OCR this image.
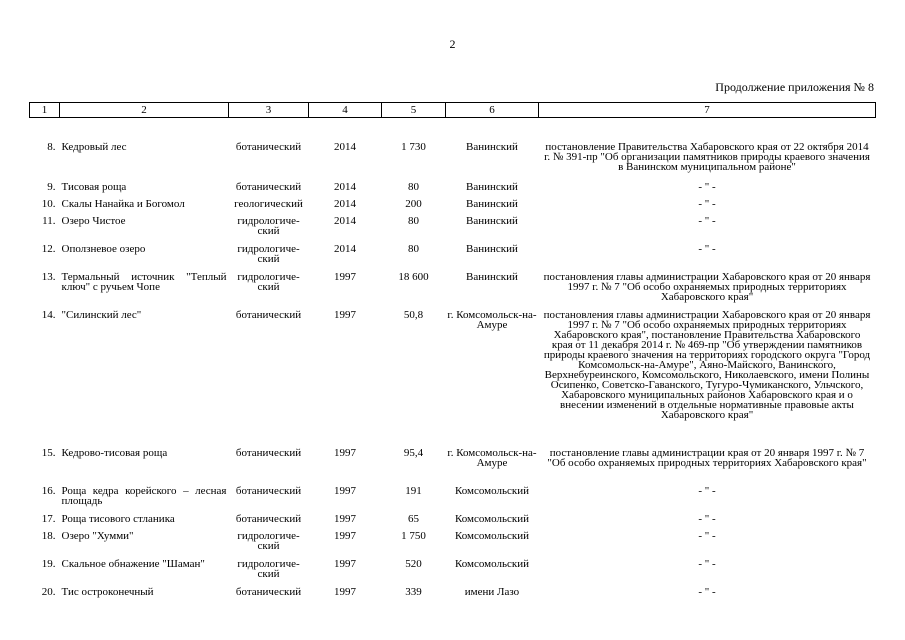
2
Продолжение приложения № 8
1	2	3	4	5	6	7

8.	Кедровый лес	ботанический	2014	1 730	Ванинский	постановление Правительства Хабаровского края от 22 октября 2014 г. № 391-пр "Об организации памятников природы краевого значения в Ванинском муниципальном районе"
9.	Тисовая роща	ботанический	2014	80	Ванинский	- " -
10.	Скалы Нанайка и Богомол	геологический	2014	200	Ванинский	- " -
11.	Озеро Чистое	гидрологиче-ский	2014	80	Ванинский	- " -
12.	Оползневое озеро	гидрологиче-ский	2014	80	Ванинский	- " -
13.	Термальный источник "Теплый ключ" с ручьем Чопе	гидрологиче-ский	1997	18 600	Ванинский	постановления главы администрации Хабаровского края от 20 января 1997 г. № 7 "Об особо охраняемых природных территориях Хабаровского края"
14.	"Силинский лес"	ботанический	1997	50,8	г. Комсомольск-на-Амуре	постановления главы администрации Хабаровского края от 20 января 1997 г. № 7 "Об особо охраняемых природных территориях Хабаровского края", постановление Правительства Хабаровского края от 11 декабря 2014 г. № 469-пр "Об утверждении памятников природы краевого значения на территориях городского округа "Город Комсомольск-на-Амуре", Аяно-Майского, Ванинского, Верхнебуреинского, Комсомольского, Николаевского, имени Полины Осипенко, Советско-Гаванского, Тугуро-Чумиканского, Ульчского, Хабаровского муниципальных районов Хабаровского края и о внесении изменений в отдельные нормативные правовые акты Хабаровского края"
15.	Кедрово-тисовая роща	ботанический	1997	95,4	г. Комсомольск-на-Амуре	постановление главы администрации края от 20 января 1997 г. № 7 "Об особо охраняемых природных территориях Хабаровского края"
16.	Роща кедра корейского – лесная площадь	ботанический	1997	191	Комсомольский	- " -
17.	Роща тисового стланика	ботанический	1997	65	Комсомольский	- " -
18.	Озеро "Хумми"	гидрологиче-ский	1997	1 750	Комсомольский	- " -
19.	Скальное обнажение "Шаман"	гидрологиче-ский	1997	520	Комсомольский	- " -
20.	Тис остроконечный	ботанический	1997	339	имени Лазо	- " -
